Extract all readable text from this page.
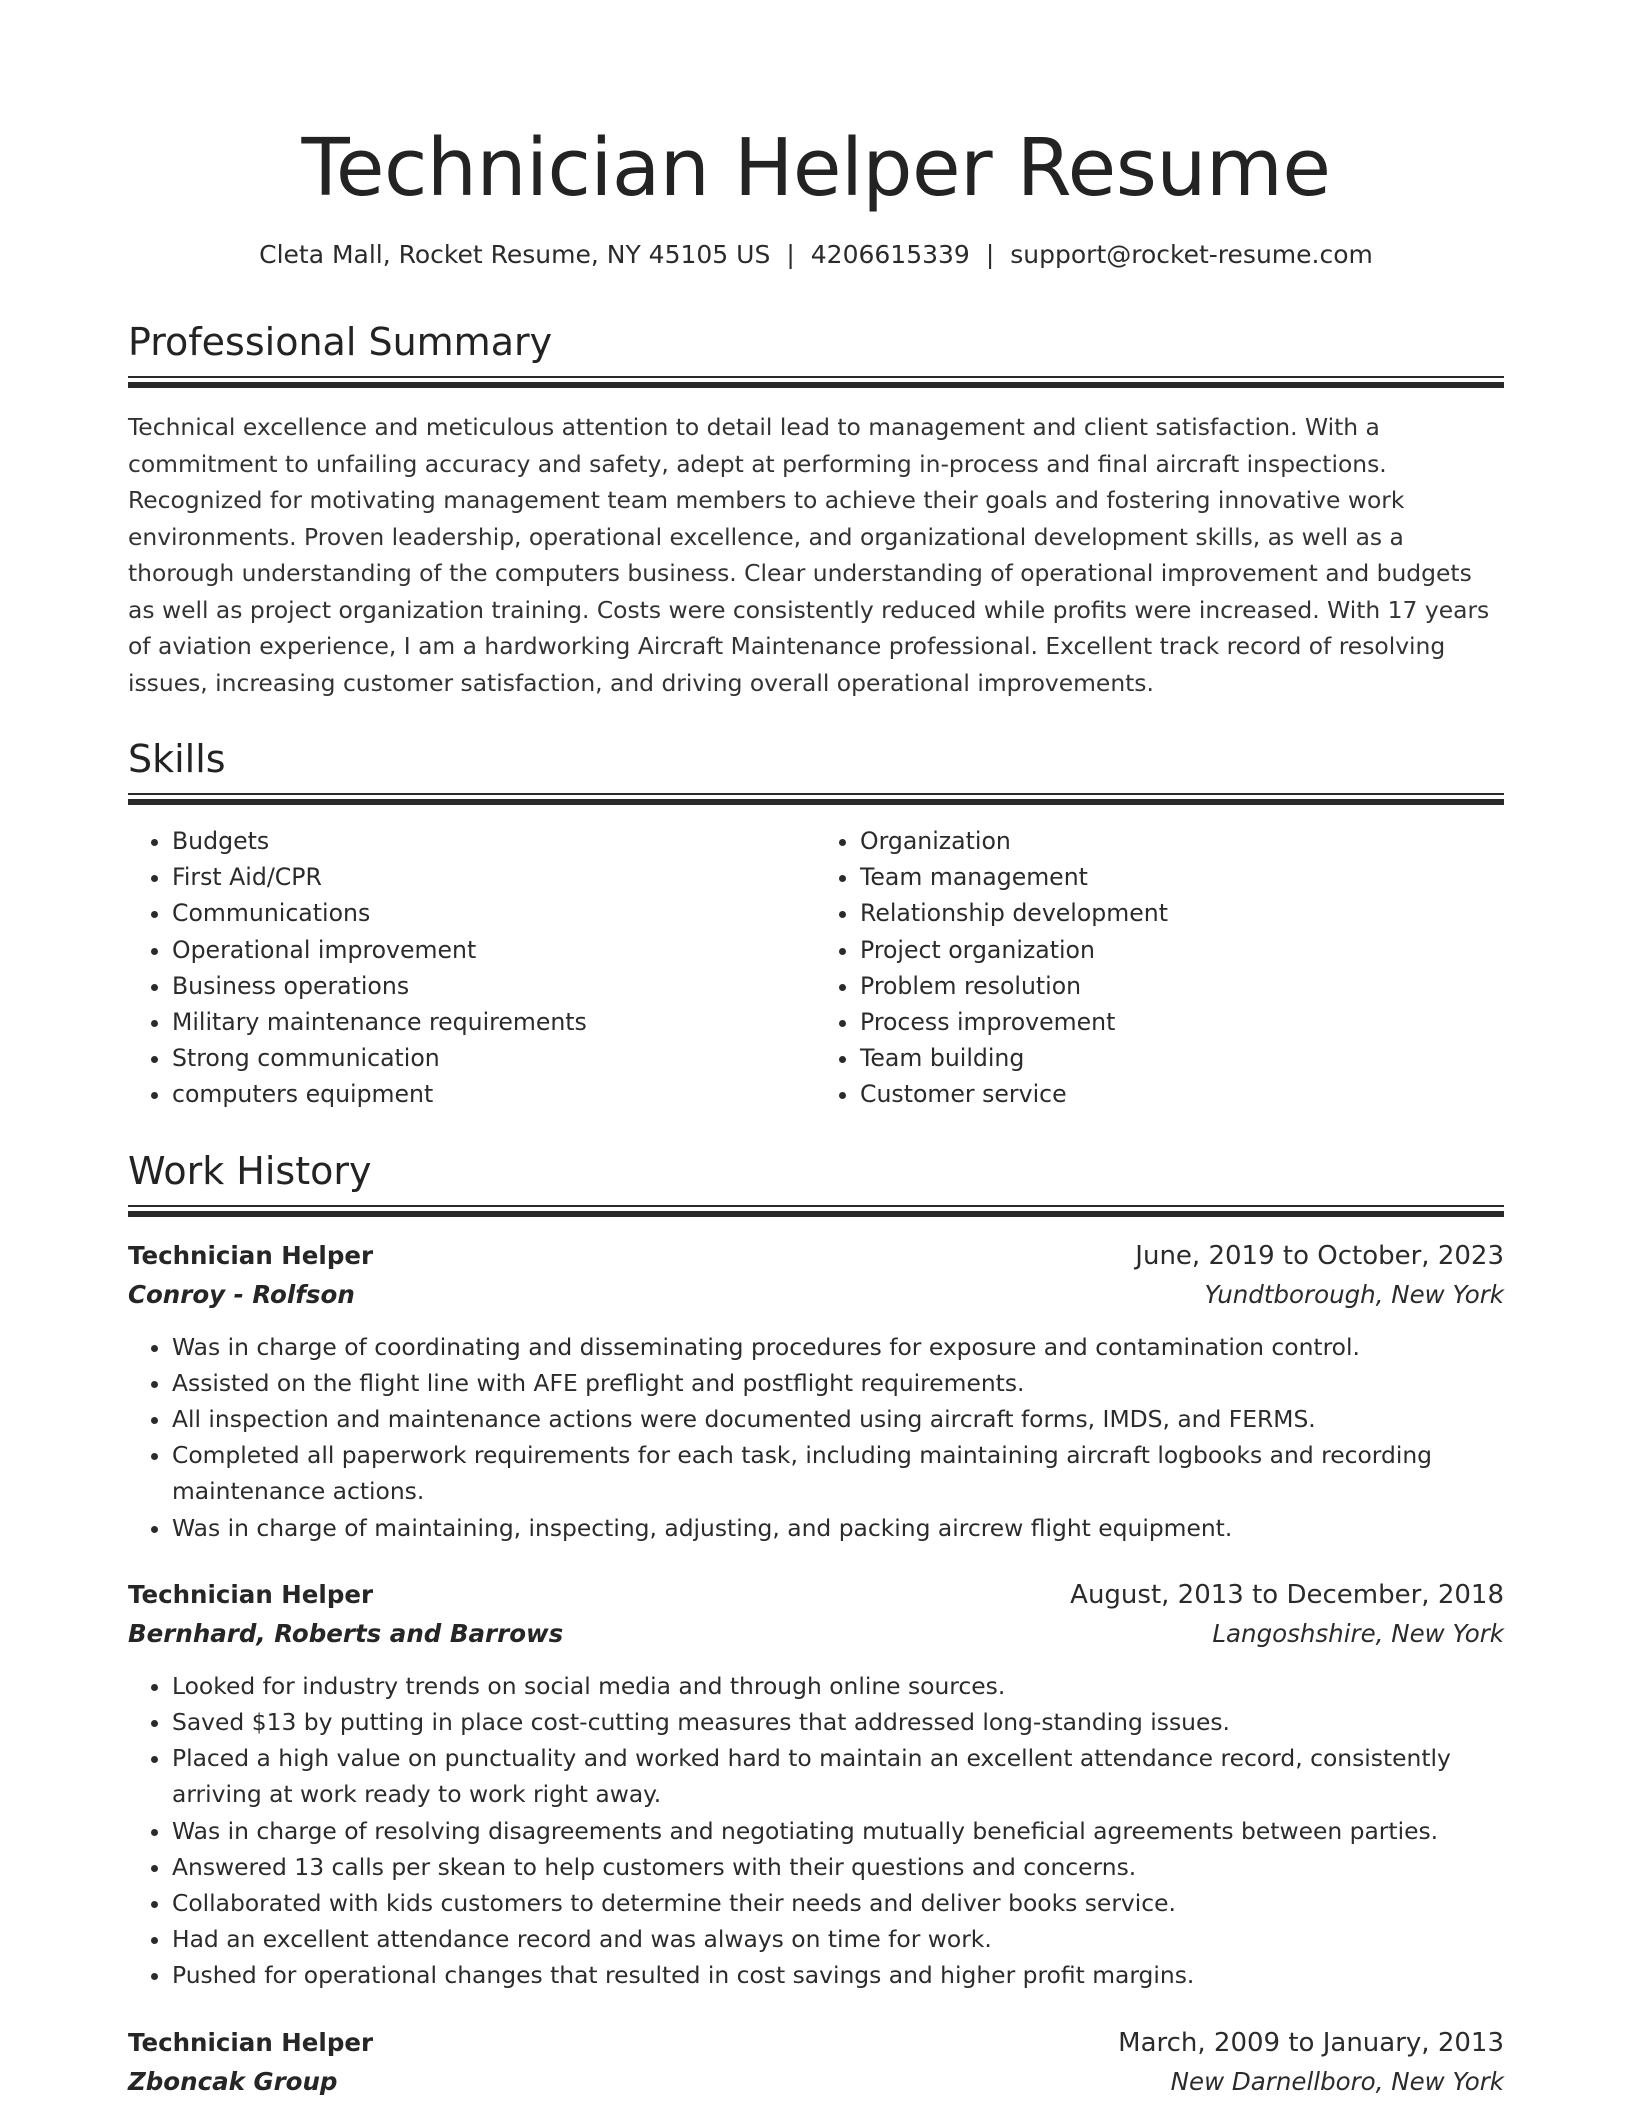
Technician Helper Resume
Cleta Mall, Rocket Resume, NY 45105 US | 4206615339 | support@rocket-resume.com
Professional Summary

Technical excellence and meticulous attention to detail lead to management and client satisfaction. With a commitment to unfailing accuracy and safety, adept at performing in-process and final aircraft inspections. Recognized for motivating management team members to achieve their goals and fostering innovative work environments. Proven leadership, operational excellence, and organizational development skills, as well as a thorough understanding of the computers business. Clear understanding of operational improvement and budgets as well as project organization training. Costs were consistently reduced while profits were increased. With 17 years of aviation experience, I am a hardworking Aircraft Maintenance professional. Excellent track record of resolving issues, increasing customer satisfaction, and driving overall operational improvements.

Skills
• Budgets
• First Aid/CPR
• Communications
• Operational improvement
• Business operations
• Military maintenance requirements
• Strong communication
• computers equipment
• Organization
• Team management
• Relationship development
• Project organization
• Problem resolution
• Process improvement
• Team building
• Customer service
Work History
Technician Helper	June, 2019 to October, 2023
Conroy - Rolfson	Yundtborough, New York
• Was in charge of coordinating and disseminating procedures for exposure and contamination control.
• Assisted on the flight line with AFE preflight and postflight requirements.
• All inspection and maintenance actions were documented using aircraft forms, IMDS, and FERMS.
• Completed all paperwork requirements for each task, including maintaining aircraft logbooks and recording maintenance actions.
• Was in charge of maintaining, inspecting, adjusting, and packing aircrew flight equipment.
Technician Helper	August, 2013 to December, 2018
Bernhard, Roberts and Barrows	Langoshshire, New York
• Looked for industry trends on social media and through online sources.
• Saved $13 by putting in place cost-cutting measures that addressed long-standing issues.
• Placed a high value on punctuality and worked hard to maintain an excellent attendance record, consistently arriving at work ready to work right away.
• Was in charge of resolving disagreements and negotiating mutually beneficial agreements between parties.
• Answered 13 calls per skean to help customers with their questions and concerns.
• Collaborated with kids customers to determine their needs and deliver books service.
• Had an excellent attendance record and was always on time for work.
• Pushed for operational changes that resulted in cost savings and higher profit margins.
Technician Helper	March, 2009 to January, 2013
Zboncak Group	New Darnellboro, New York
